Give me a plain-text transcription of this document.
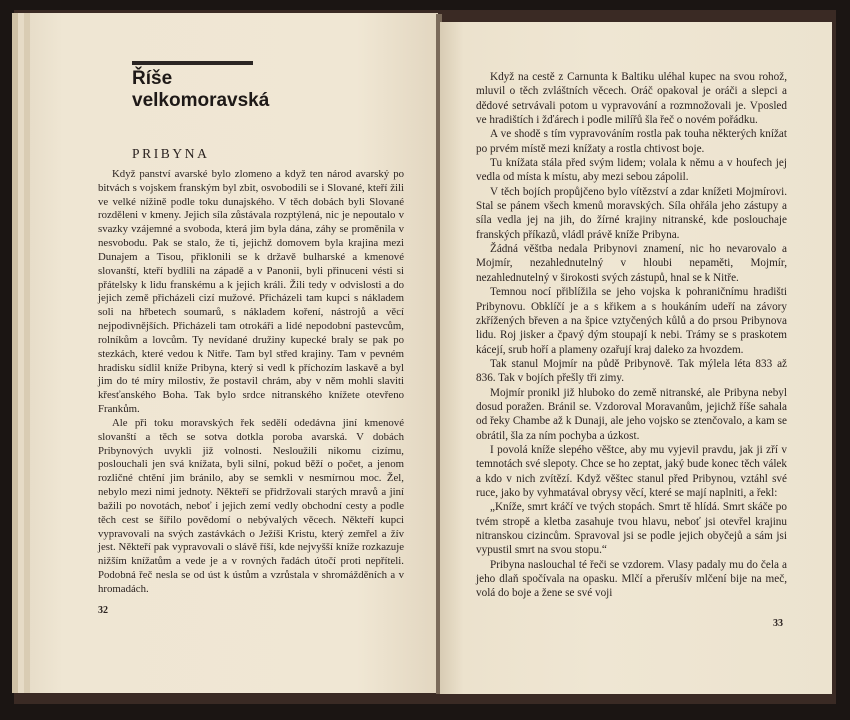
Říše
velkomoravská
PRIBYNA

Když panství avarské bylo zlomeno a když ten národ avarský po bitvách s vojskem franským byl zbit, osvobodili se i Slované, kteří žili ve velké nížině podle toku dunajského. V těch dobách byli Slované rozděleni v kmeny. Jejich síla zůstávala rozptýlená, nic je nepoutalo v svazky vzájemné a svoboda, která jim byla dána, záhy se proměnila v nesvobodu. Pak se stalo, že ti, jejichž domovem byla krajina mezi Dunajem a Tisou, přiklonili se k državě bulharské a kmenové slovanští, kteří bydlili na západě a v Panonii, byli přinuceni vésti si přátelsky k lidu franskému a k jejich králi. Žili tedy v odvislosti a do jejich země přicházeli cizí mužové. Přicházeli tam kupci s nákladem soli na hřbetech soumarů, s nákladem koření, nástrojů a věcí nejpodivnějších. Přicházeli tam otrokáři a lidé nepodobní pastevcům, rolníkům a lovcům. Ty nevídané družiny kupecké braly se pak po stezkách, které vedou k Nitře. Tam byl střed krajiny. Tam v pevném hradisku sídlil kníže Pribyna, který si vedl k příchozím laskavě a byl jim do té míry milostiv, že postavil chrám, aby v něm mohli slaviti křesťanského Boha. Tak bylo srdce nitranského knížete otevřeno Frankům.

Ale při toku moravských řek sedělí odedávna jiní kmenové slovanští a těch se sotva dotkla poroba avarská. V dobách Pribynových uvykli již volnosti. Nesloužili nikomu cizímu, poslouchali jen svá knížata, byli silní, pokud běží o počet, a jenom rozličné chtění jim bránilo, aby se semkli v nesmírnou moc. Žel, nebylo mezi nimi jednoty. Někteří se přidržovali starých mravů a jiní bažili po novotách, neboť i jejich zemí vedly obchodní cesty a podle těch cest se šířilo povědomí o nebývalých věcech. Někteří kupci vypravovali na svých zastávkách o Ježíši Kristu, který zemřel a žív jest. Někteří pak vypravovali o slávě říší, kde nejvyšší kníže rozkazuje nižším knížatům a vede je a v rovných řadách útočí proti nepříteli. Podobná řeč nesla se od úst k ústům a vzrůstala v shromážděních a v hromadách.

32

Když na cestě z Carnunta k Baltiku uléhal kupec na svou rohož, mluvil o těch zvláštních věcech. Oráč opakoval je oráči a slepci a dědové setrvávali potom u vypravování a rozmnožovali je. Vposled ve hradištích i žďárech i podle milířů šla řeč o novém pořádku.

A ve shodě s tím vypravováním rostla pak touha některých knížat po prvém místě mezi knížaty a rostla chtivost boje.

Tu knížata stála před svým lidem; volala k němu a v houfech jej vedla od místa k místu, aby mezi sebou zápolil.

V těch bojích propůjčeno bylo vítězství a zdar knížeti Mojmírovi. Stal se pánem všech kmenů moravských. Síla ohřála jeho zástupy a síla vedla jej na jih, do žírné krajiny nitranské, kde poslouchaje franských příkazů, vládl právě kníže Pribyna.

Žádná věštba nedala Pribynovi znamení, nic ho nevarovalo a Mojmír, nezahlednutelný v hloubi nepaměti, Mojmír, nezahlednutelný v širokosti svých zástupů, hnal se k Nitře.

Temnou nocí přiblížila se jeho vojska k pohraničnímu hradišti Pribynovu. Obklíčí je a s křikem a s houkáním udeří na závory zkřížených břeven a na špice vztyčených kůlů a do prsou Pribynova lidu. Roj jisker a čpavý dým stoupají k nebi. Trámy se s praskotem kácejí, srub hoří a plameny ozařují kraj daleko za hvozdem.

Tak stanul Mojmír na půdě Pribynově. Tak mýlela léta 833 až 836. Tak v bojích přešly tři zimy.

Mojmír pronikl již hluboko do země nitranské, ale Pribyna nebyl dosud poražen. Bránil se. Vzdoroval Moravanům, jejichž říše sahala od řeky Chambe až k Dunaji, ale jeho vojsko se ztenčovalo, a kam se obrátil, šla za ním pochyba a úzkost.

I povolá kníže slepého věštce, aby mu vyjevil pravdu, jak ji zří v temnotách své slepoty. Chce se ho zeptat, jaký bude konec těch válek a kdo v nich zvítězí. Když věštec stanul před Pribynou, vztáhl své ruce, jako by vyhmatával obrysy věcí, které se mají naplniti, a řekl:

„Kníže, smrt kráčí ve tvých stopách. Smrt tě hlídá. Smrt skáče po tvém stropě a kletba zasahuje tvou hlavu, neboť jsi otevřel krajinu nitranskou cizincům. Spravoval jsi se podle jejich obyčejů a sám jsi vypustil smrt na svou stopu.“

Pribyna naslouchal té řeči se vzdorem. Vlasy padaly mu do čela a jeho dlaň spočívala na opasku. Mlčí a přerušív mlčení bije na meč, volá do boje a žene se své voji

33
